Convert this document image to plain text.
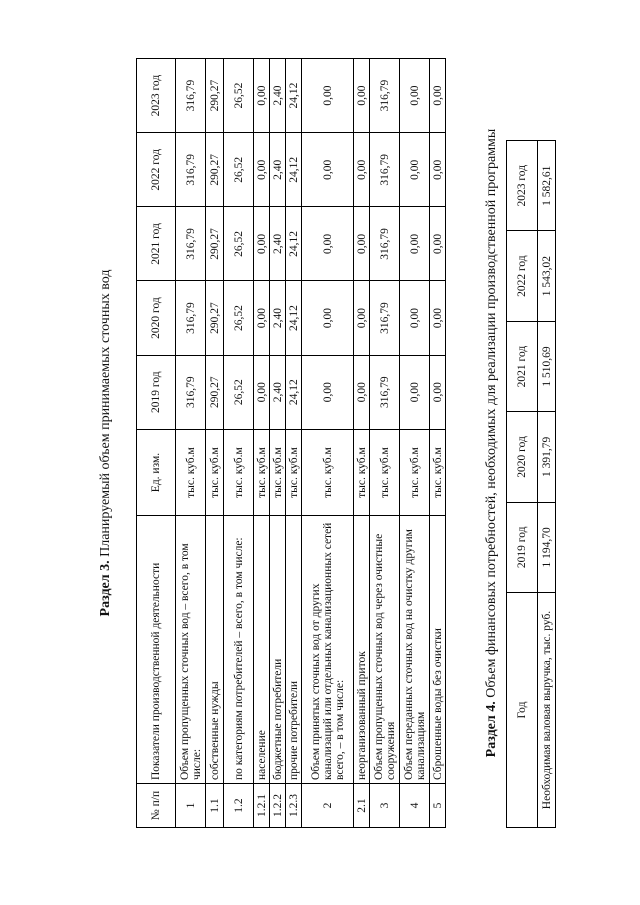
Раздел 3. Планируемый объем принимаемых сточных вод
№ п/п	Показатели производственной деятельности	Ед. изм.	2019 год	2020 год	2021 год	2022 год	2023 год
1	Объем пропущенных сточных вод – всего, в том числе:	тыс. куб.м	316,79	316,79	316,79	316,79	316,79
1.1	собственные нужды	тыс. куб.м	290,27	290,27	290,27	290,27	290,27
1.2	по категориям потребителей – всего, в том числе:	тыс. куб.м	26,52	26,52	26,52	26,52	26,52
1.2.1	население	тыс. куб.м	0,00	0,00	0,00	0,00	0,00
1.2.2	бюджетные потребители	тыс. куб.м	2,40	2,40	2,40	2,40	2,40
1.2.3	прочие потребители	тыс. куб.м	24,12	24,12	24,12	24,12	24,12
2	Объем принятых сточных вод от других канализаций или отдельных канализационных сетей всего, – в том числе:	тыс. куб.м	0,00	0,00	0,00	0,00	0,00
2.1	неорганизованный приток	тыс. куб.м	0,00	0,00	0,00	0,00	0,00
3	Объем пропущенных сточных вод через очистные сооружения	тыс. куб.м	316,79	316,79	316,79	316,79	316,79
4	Объем переданных сточных вод на очистку другим канализациям	тыс. куб.м	0,00	0,00	0,00	0,00	0,00
5	Сброшенные воды без очистки	тыс. куб.м	0,00	0,00	0,00	0,00	0,00
Раздел 4. Объем финансовых потребностей, необходимых для реализации производственной программы
Год	2019 год	2020 год	2021 год	2022 год	2023 год
Необходимая валовая выручка, тыс. руб.	1 194,70	1 391,79	1 510,69	1 543,02	1 582,61
